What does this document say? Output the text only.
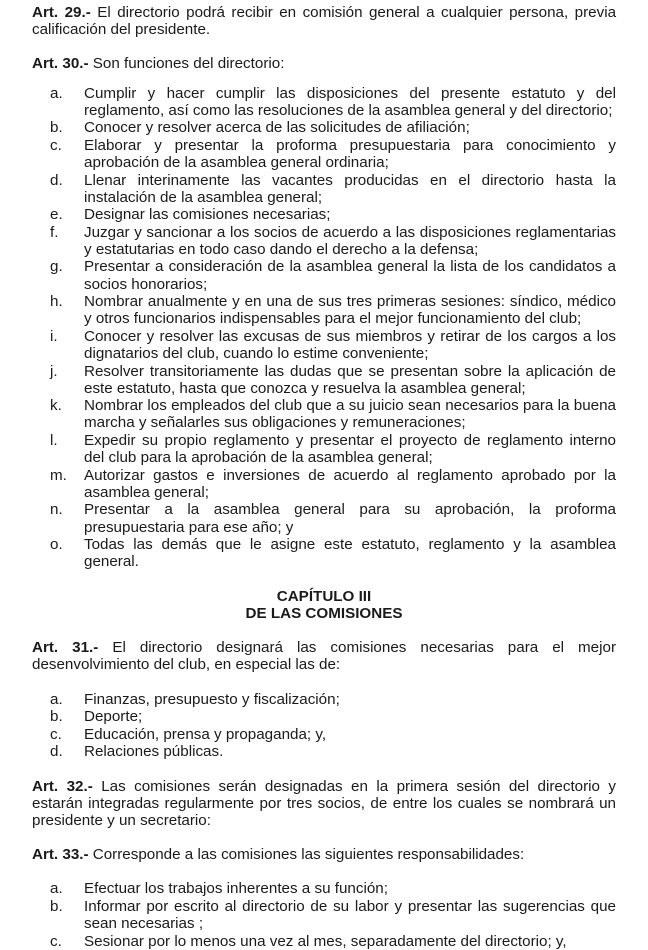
Art. 29.- El directorio podrá recibir en comisión general a cualquier persona, previa calificación del presidente.

Art. 30.- Son funciones del directorio:

a.	Cumplir y hacer cumplir las disposiciones del presente estatuto y del reglamento, así como las resoluciones de la asamblea general y del directorio;
b.	Conocer y resolver acerca de las solicitudes de afiliación;
c.	Elaborar y presentar la proforma presupuestaria para conocimiento y aprobación de la asamblea general ordinaria;
d.	Llenar interinamente las vacantes producidas en el directorio hasta la instalación de la asamblea general;
e.	Designar las comisiones necesarias;
f.	Juzgar y sancionar a los socios de acuerdo a las disposiciones reglamentarias y estatutarias en todo caso dando el derecho a la defensa;
g.	Presentar a consideración de la asamblea general la lista de los candidatos a socios honorarios;
h.	Nombrar anualmente y en una de sus tres primeras sesiones: síndico, médico y otros funcionarios indispensables para el mejor funcionamiento del club;
i.	Conocer y resolver las excusas de sus miembros y retirar de los cargos a los dignatarios del club, cuando lo estime conveniente;
j.	Resolver transitoriamente las dudas que se presentan sobre la aplicación de este estatuto, hasta que conozca y resuelva la asamblea general;
k.	Nombrar los empleados del club que a su juicio sean necesarios para la buena marcha y señalarles sus obligaciones y remuneraciones;
l.	Expedir su propio reglamento y presentar el proyecto de reglamento interno del club para la aprobación de la asamblea general;
m.	Autorizar gastos e inversiones de acuerdo al reglamento aprobado por la asamblea general;
n.	Presentar a la asamblea general para su aprobación, la proforma presupuestaria para ese año; y
o.	Todas las demás que le asigne este estatuto, reglamento y la asamblea general.

CAPÍTULO III

DE LAS COMISIONES

Art. 31.- El directorio designará las comisiones necesarias para el mejor desenvolvimiento del club, en especial las de:

a.	Finanzas, presupuesto y fiscalización;
b.	Deporte;
c.	Educación, prensa y propaganda; y,
d.	Relaciones públicas.

Art. 32.- Las comisiones serán designadas en la primera sesión del directorio y estarán integradas regularmente por tres socios, de entre los cuales se nombrará un presidente y un secretario:

Art. 33.- Corresponde a las comisiones las siguientes responsabilidades:

a.	Efectuar los trabajos inherentes a su función;
b.	Informar por escrito al directorio de su labor y presentar las sugerencias que sean necesarias ;
c.	Sesionar por lo menos una vez al mes, separadamente del directorio; y,
